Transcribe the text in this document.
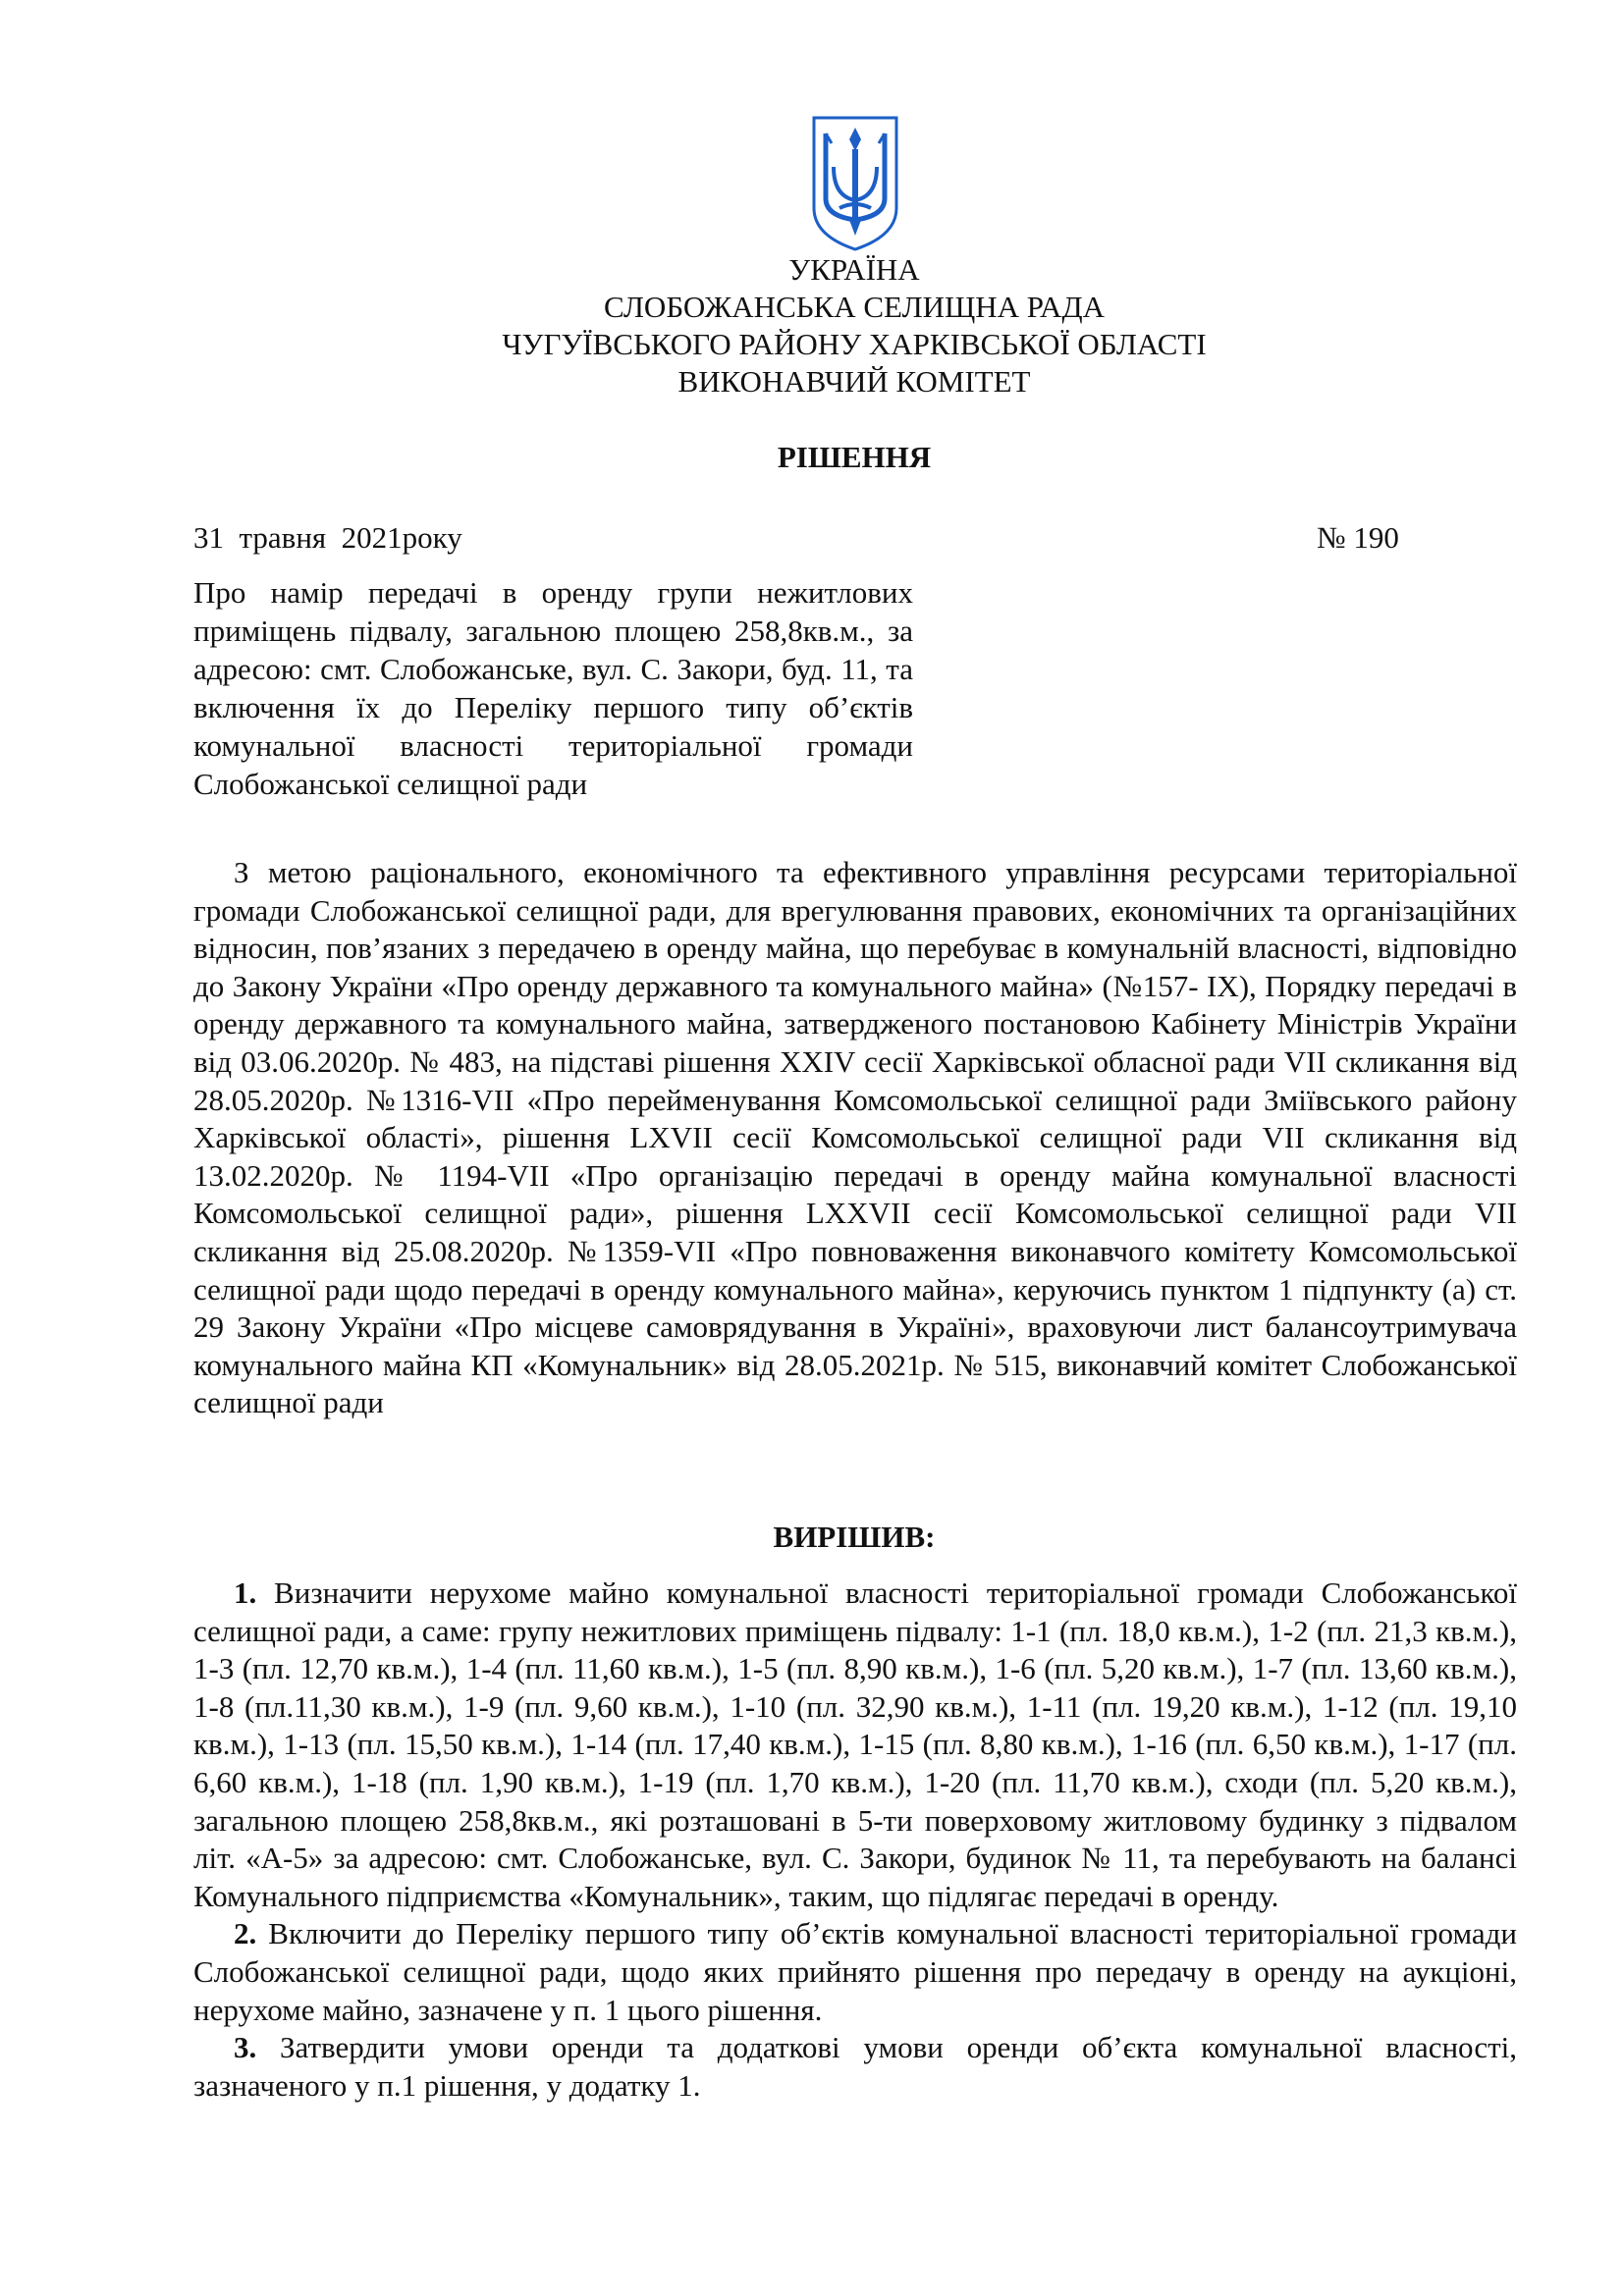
УКРАЇНА
СЛОБОЖАНСЬКА СЕЛИЩНА РАДА
ЧУГУЇВСЬКОГО РАЙОНУ ХАРКІВСЬКОЇ ОБЛАСТІ
ВИКОНАВЧИЙ КОМІТЕТ
РІШЕННЯ
31  травня  2021року	№ 190
Про намір передачі в оренду групи нежитлових приміщень підвалу, загальною площею 258,8кв.м., за адресою: смт. Слобожанське, вул. С. Закори, буд. 11, та включення їх до Переліку першого типу об’єктів комунальної власності територіальної громади Слобожанської селищної ради
З метою раціонального, економічного та ефективного управління ресурсами територіальної громади Слобожанської селищної ради, для врегулювання правових, економічних та організаційних відносин, пов’язаних з передачею в оренду майна, що перебуває в комунальній власності, відповідно до Закону України «Про оренду державного та комунального майна» (№157- IX), Порядку передачі в оренду державного та комунального майна, затвердженого постановою Кабінету Міністрів України від 03.06.2020р. № 483, на підставі рішення XXIV сесії Харківської обласної ради VII скликання від 28.05.2020р. №1316-VII «Про перейменування Комсомольської селищної ради Зміївського району Харківської області», рішення LXVII сесії Комсомольської селищної ради VII скликання від 13.02.2020р. № 1194-VII «Про організацію передачі в оренду майна комунальної власності Комсомольської селищної ради», рішення LXXVII сесії Комсомольської селищної ради VII скликання від 25.08.2020р. №1359-VII «Про повноваження виконавчого комітету Комсомольської селищної ради щодо передачі в оренду комунального майна», керуючись пунктом 1 підпункту (а) ст. 29 Закону України «Про місцеве самоврядування в Україні», враховуючи лист балансоутримувача комунального майна КП «Комунальник» від 28.05.2021р. № 515, виконавчий комітет Слобожанської селищної ради
ВИРІШИВ:

1. Визначити нерухоме майно комунальної власності територіальної громади Слобожанської селищної ради, а саме: групу нежитлових приміщень підвалу: 1-1 (пл. 18,0 кв.м.), 1-2 (пл. 21,3 кв.м.), 1-3 (пл. 12,70 кв.м.), 1-4 (пл. 11,60 кв.м.), 1-5 (пл. 8,90 кв.м.), 1-6 (пл. 5,20 кв.м.), 1-7 (пл. 13,60 кв.м.), 1-8 (пл.11,30 кв.м.), 1-9 (пл. 9,60 кв.м.), 1-10 (пл. 32,90 кв.м.), 1-11 (пл. 19,20 кв.м.), 1-12 (пл. 19,10 кв.м.), 1-13 (пл. 15,50 кв.м.), 1-14 (пл. 17,40 кв.м.), 1-15 (пл. 8,80 кв.м.), 1-16 (пл. 6,50 кв.м.), 1-17 (пл. 6,60 кв.м.), 1-18 (пл. 1,90 кв.м.), 1-19 (пл. 1,70 кв.м.), 1-20 (пл. 11,70 кв.м.), сходи (пл. 5,20 кв.м.), загальною площею 258,8кв.м., які розташовані в 5-ти поверховому житловому будинку з підвалом літ. «А-5» за адресою: смт. Слобожанське, вул. С. Закори, будинок № 11, та перебувають на балансі Комунального підприємства «Комунальник», таким, що підлягає передачі в оренду.

2. Включити до Переліку першого типу об’єктів комунальної власності територіальної громади Слобожанської селищної ради, щодо яких прийнято рішення про передачу в оренду на аукціоні, нерухоме майно, зазначене у п. 1 цього рішення.

3. Затвердити умови оренди та додаткові умови оренди об’єкта комунальної власності, зазначеного у п.1 рішення, у додатку 1.
